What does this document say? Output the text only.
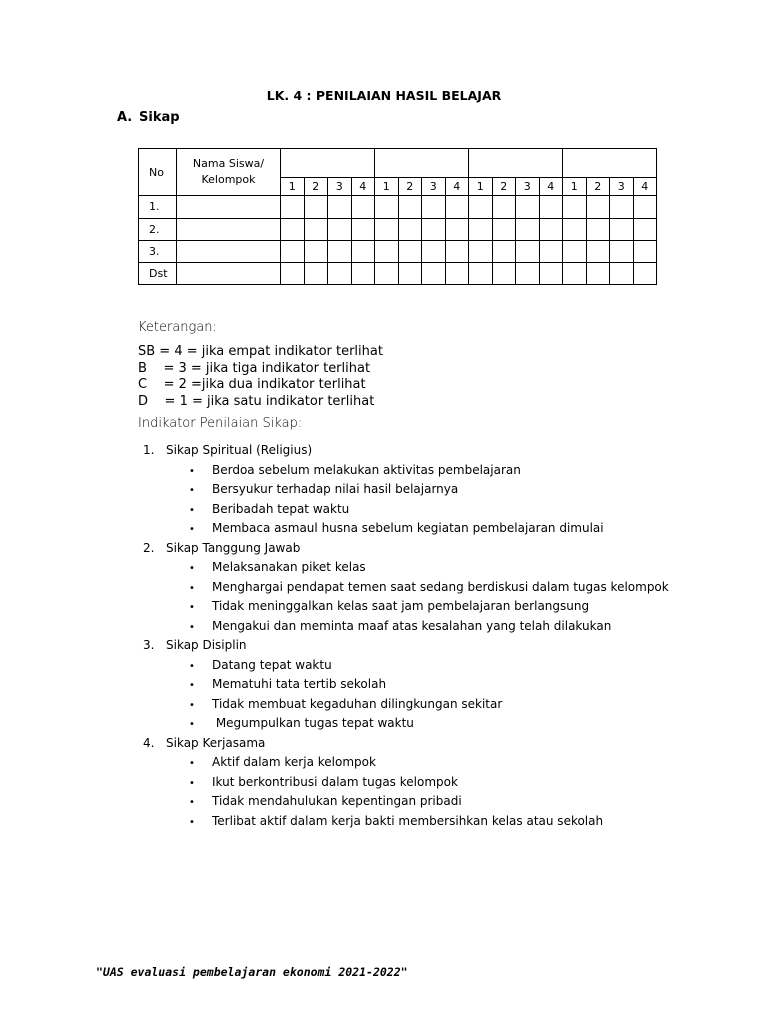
LK. 4 : PENILAIAN HASIL BELAJAR
A. Sikap
No	Nama Siswa/ Kelompok																
		1	2	3	4	1	2	3	4	1	2	3	4	1	2	3	4
1.																	
2.																	
3.																	
Dst																	
Keterangan:
SB = 4 = jika empat indikator terlihat
B    = 3 = jika tiga indikator terlihat
C    = 2 =jika dua indikator terlihat
D    = 1 = jika satu indikator terlihat
Indikator Penilaian Sikap:
1. Sikap Spiritual (Religius)
• Berdoa sebelum melakukan aktivitas pembelajaran
• Bersyukur terhadap nilai hasil belajarnya
• Beribadah tepat waktu
• Membaca asmaul husna sebelum kegiatan pembelajaran dimulai
2. Sikap Tanggung Jawab
• Melaksanakan piket kelas
• Menghargai pendapat temen saat sedang berdiskusi dalam tugas kelompok
• Tidak meninggalkan kelas saat jam pembelajaran berlangsung
• Mengakui dan meminta maaf atas kesalahan yang telah dilakukan
3. Sikap Disiplin
• Datang tepat waktu
• Mematuhi tata tertib sekolah
• Tidak membuat kegaduhan dilingkungan sekitar
• Megumpulkan tugas tepat waktu
4. Sikap Kerjasama
• Aktif dalam kerja kelompok
• Ikut berkontribusi dalam tugas kelompok
• Tidak mendahulukan kepentingan pribadi
• Terlibat aktif dalam kerja bakti membersihkan kelas atau sekolah
"UAS evaluasi pembelajaran ekonomi 2021-2022"
